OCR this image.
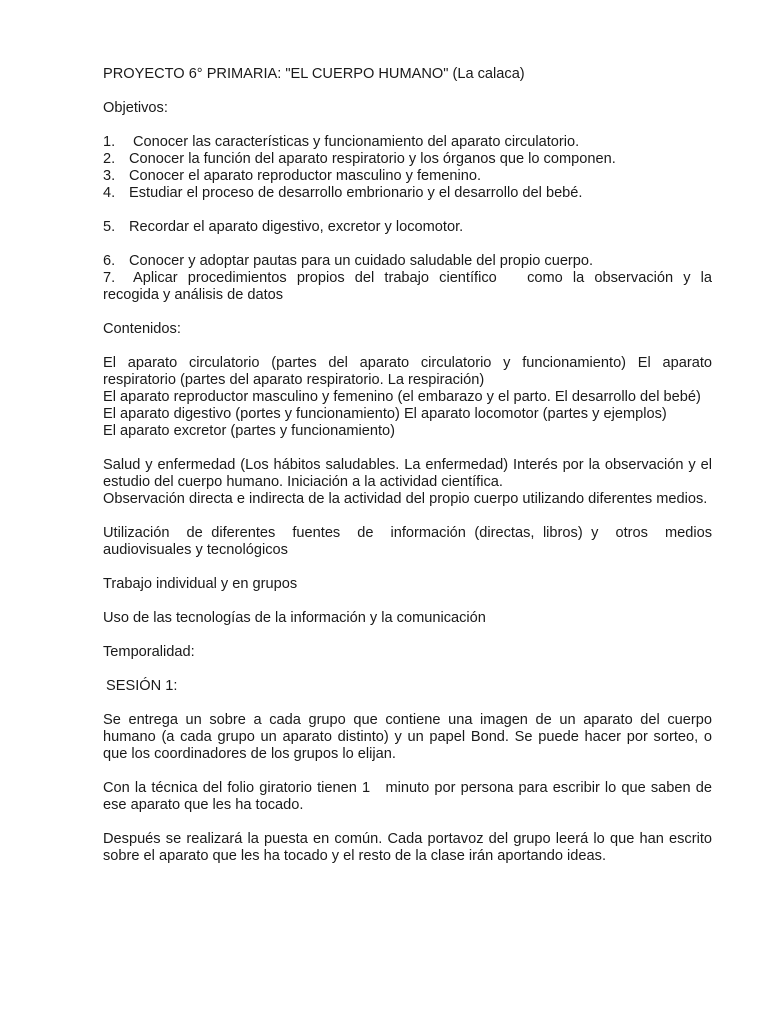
PROYECTO 6° PRIMARIA: "EL CUERPO HUMANO" (La calaca)

Objetivos:

1.	Conocer las características y funcionamiento del aparato circulatorio.
2. Conocer la función del aparato respiratorio y los órganos que lo componen.
3. Conocer el aparato reproductor masculino y femenino.
4. Estudiar el proceso de desarrollo embrionario y el desarrollo del bebé.
5. Recordar el aparato digestivo, excretor y locomotor.
6. Conocer y adoptar pautas para un cuidado saludable del propio cuerpo.
7.	Aplicar procedimientos propios del trabajo científico   como la observación y la
recogida y análisis de datos

Contenidos:

El aparato circulatorio (partes del aparato circulatorio y funcionamiento) El aparato respiratorio (partes del aparato respiratorio. La respiración)

El aparato reproductor masculino y femenino (el embarazo y el parto. El desarrollo del bebé)

El aparato digestivo (portes y funcionamiento) El aparato locomotor (partes y ejemplos)

El aparato excretor (partes y funcionamiento)

Salud y enfermedad (Los hábitos saludables. La enfermedad) Interés por la observación y el estudio del cuerpo humano. Iniciación a la actividad científica.

Observación directa e indirecta de la actividad del propio cuerpo utilizando diferentes medios.

Utilización  de diferentes  fuentes  de  información (directas, libros) y  otros  medios audiovisuales y tecnológicos

Trabajo individual y en grupos

Uso de las tecnologías de la información y la comunicación

Temporalidad:

SESIÓN 1:

Se entrega un sobre a cada grupo que contiene una imagen de un aparato del cuerpo humano (a cada grupo un aparato distinto) y un papel Bond. Se puede hacer por sorteo, o que los coordinadores de los grupos lo elijan.

Con la técnica del folio giratorio tienen 1   minuto por persona para escribir lo que saben de ese aparato que les ha tocado.

Después se realizará la puesta en común. Cada portavoz del grupo leerá lo que han escrito sobre el aparato que les ha tocado y el resto de la clase irán aportando ideas.
